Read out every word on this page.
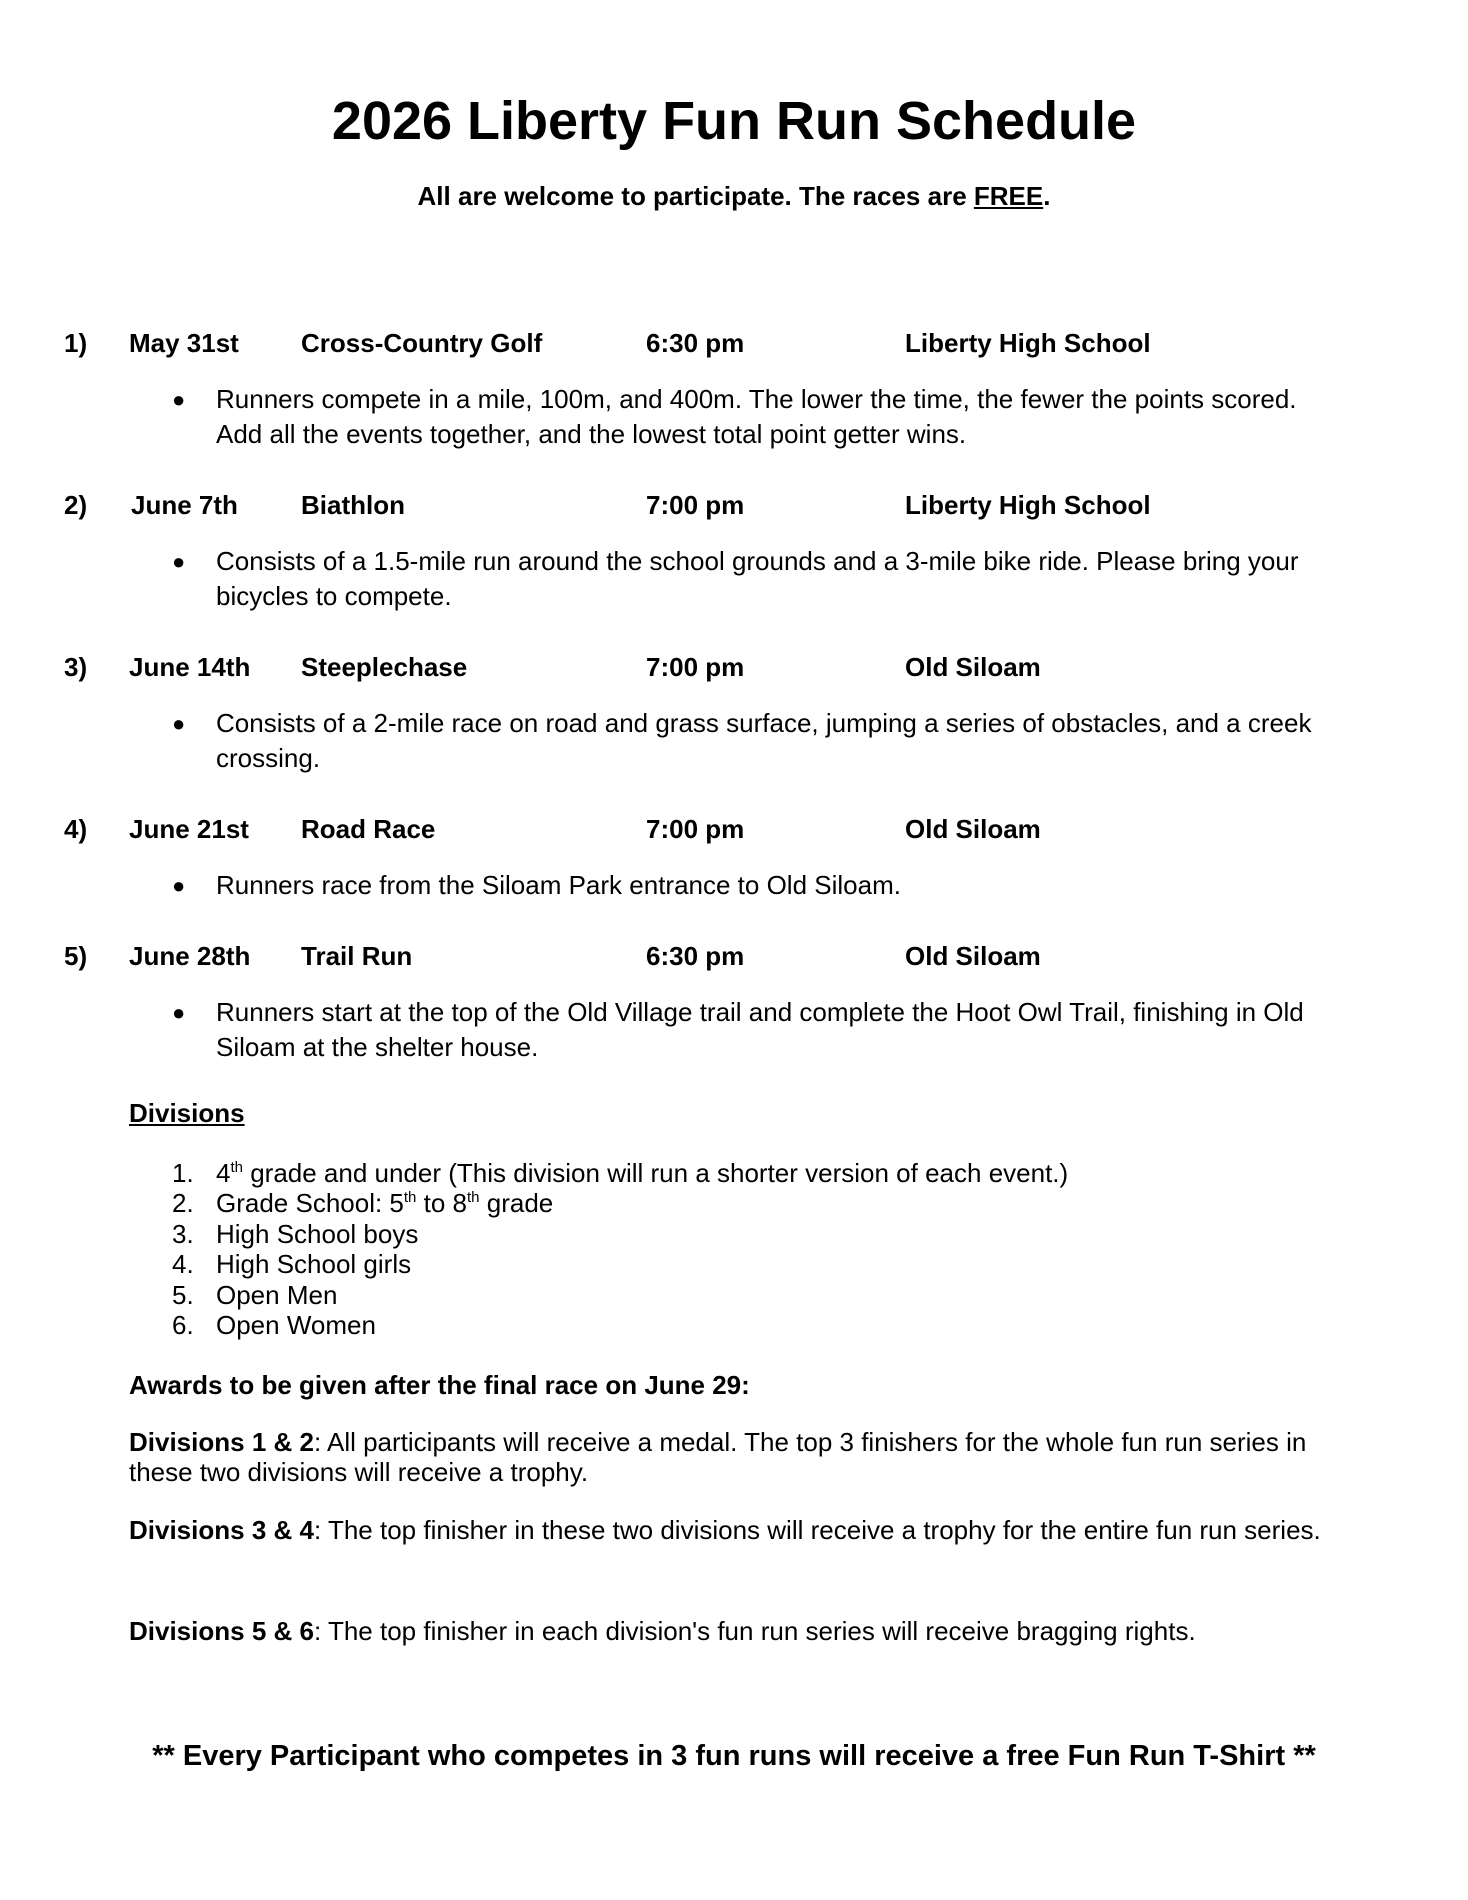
2026 Liberty Fun Run Schedule
All are welcome to participate. The races are FREE.
1) May 31st Cross-Country Golf	6:30 pm	Liberty High School
● Runners compete in a mile, 100m, and 400m. The lower the time, the fewer the points scored. Add all the events together, and the lowest total point getter wins.
2) June 7th Biathlon	7:00 pm	Liberty High School
● Consists of a 1.5-mile run around the school grounds and a 3-mile bike ride. Please bring your bicycles to compete.
3) June 14th Steeplechase	7:00 pm	Old Siloam
● Consists of a 2-mile race on road and grass surface, jumping a series of obstacles, and a creek crossing.
4) June 21st Road Race	7:00 pm	Old Siloam
● Runners race from the Siloam Park entrance to Old Siloam.
5) June 28th Trail Run	6:30 pm	Old Siloam
● Runners start at the top of the Old Village trail and complete the Hoot Owl Trail, finishing in Old Siloam at the shelter house.
Divisions
1. 4th grade and under (This division will run a shorter version of each event.)
2. Grade School: 5th to 8th grade
3. High School boys
4. High School girls
5. Open Men
6. Open Women
Awards to be given after the final race on June 29:
Divisions 1 & 2: All participants will receive a medal. The top 3 finishers for the whole fun run series in these two divisions will receive a trophy.
Divisions 3 & 4: The top finisher in these two divisions will receive a trophy for the entire fun run series.
Divisions 5 & 6: The top finisher in each division's fun run series will receive bragging rights.
** Every Participant who competes in 3 fun runs will receive a free Fun Run T-Shirt **
